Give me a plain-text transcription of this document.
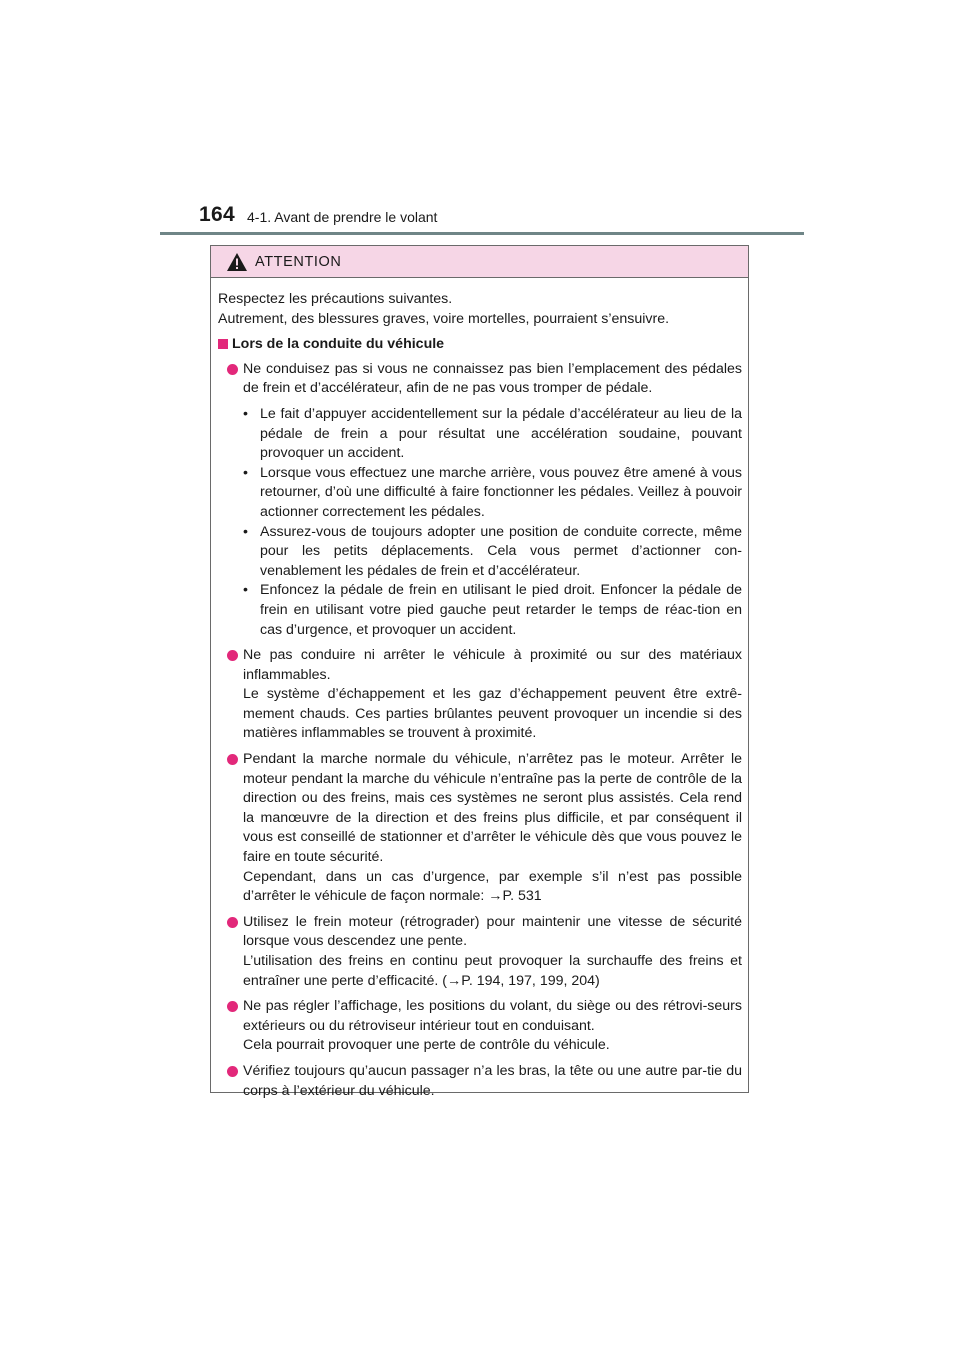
164 4-1. Avant de prendre le volant
ATTENTION
Respectez les précautions suivantes.
Autrement, des blessures graves, voire mortelles, pourraient s’ensuivre.
Lors de la conduite du véhicule

Ne conduisez pas si vous ne connaissez pas bien l’emplacement des pédales de frein et d’accélérateur, afin de ne pas vous tromper de pédale.

• Le fait d’appuyer accidentellement sur la pédale d’accélérateur au lieu de la pédale de frein a pour résultat une accélération soudaine, pouvant provoquer un accident.
• Lorsque vous effectuez une marche arrière, vous pouvez être amené à vous retourner, d’où une difficulté à faire fonctionner les pédales. Veillez à pouvoir actionner correctement les pédales.
• Assurez-vous de toujours adopter une position de conduite correcte, même pour les petits déplacements. Cela vous permet d’actionner con-venablement les pédales de frein et d’accélérateur.
• Enfoncez la pédale de frein en utilisant le pied droit. Enfoncer la pédale de frein en utilisant votre pied gauche peut retarder le temps de réac-tion en cas d’urgence, et provoquer un accident.

Ne pas conduire ni arrêter le véhicule à proximité ou sur des matériaux inflammables.

Le système d’échappement et les gaz d’échappement peuvent être extrê-mement chauds. Ces parties brûlantes peuvent provoquer un incendie si des matières inflammables se trouvent à proximité.

Pendant la marche normale du véhicule, n’arrêtez pas le moteur. Arrêter le moteur pendant la marche du véhicule n’entraîne pas la perte de contrôle de la direction ou des freins, mais ces systèmes ne seront plus assistés. Cela rend la manœuvre de la direction et des freins plus difficile, et par conséquent il vous est conseillé de stationner et d’arrêter le véhicule dès que vous pouvez le faire en toute sécurité.

Cependant, dans un cas d’urgence, par exemple s’il n’est pas possible d’arrêter le véhicule de façon normale: →P. 531

Utilisez le frein moteur (rétrograder) pour maintenir une vitesse de sécurité lorsque vous descendez une pente.

L’utilisation des freins en continu peut provoquer la surchauffe des freins et entraîner une perte d’efficacité. (→P. 194, 197, 199, 204)

Ne pas régler l’affichage, les positions du volant, du siège ou des rétrovi-seurs extérieurs ou du rétroviseur intérieur tout en conduisant.

Cela pourrait provoquer une perte de contrôle du véhicule.

Vérifiez toujours qu’aucun passager n’a les bras, la tête ou une autre par-tie du corps à l’extérieur du véhicule.
